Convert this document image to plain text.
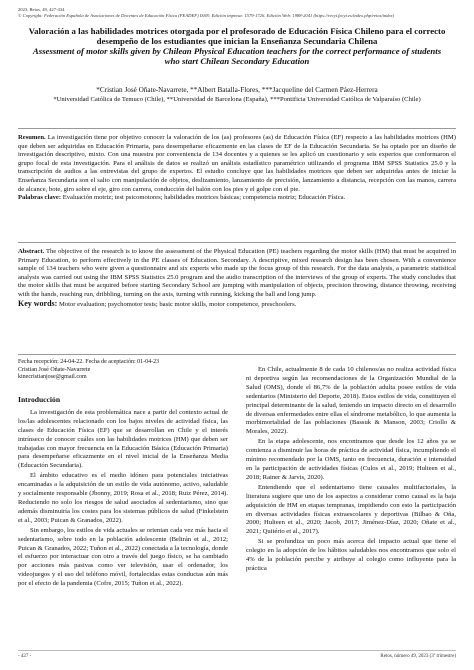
2023, Retos, 49, 427-434
© Copyright: Federación Española de Asociaciones de Docentes de Educación Física (FEADEF) ISSN: Edición impresa: 1579-1726. Edición Web: 1988-2041 (https://recyt.fecyt.es/index.php/retos/index)
Valoración a las habilidades motrices otorgada por el profesorado de Educación Física Chileno para el correcto desempeño de los estudiantes que inician la Enseñanza Secundaria Chilena
Assessment of motor skills given by Chilean Physical Education teachers for the correct performance of students who start Chilean Secondary Education
*Cristian José Oñate-Navarrete, **Albert Batalla-Flores, ***Jacqueline del Carmen Páez-Herrera
*Universidad Católica de Temuco (Chile), **Universidad de Barcelona (España), ***Pontificia Universidad Católica de Valparaíso (Chile)
Resumen. La investigación tiene por objetivo conocer la valoración de los (as) profesores (as) de Educación Física (EF) respecto a las habilidades motrices (HM) que deben ser adquiridas en Educación Primaria, para desempeñarse eficazmente en las clases de EF de la Educación Secundaria. Se ha optado por un diseño de investigación descriptivo, mixto. Con una muestra por conveniencia de 134 docentes y a quienes se les aplicó un cuestionario y seis expertos que conformaron el grupo focal de esta investigación. Para el análisis de datos se realizó un análisis estadístico paramétrico utilizando el programa IBM SPSS Statistics 25.0 y la transcripción de audios a las entrevistas del grupo de expertos. El estudio concluye que las habilidades motrices que deben ser adquiridas antes de iniciar la Enseñanza Secundaria son el salto con manipulación de objetos, deslizamiento, lanzamiento de precisión, lanzamiento a distancia, recepción con las manos, carrera de alcance, bote, giro sobre el eje, giro con carrera, conducción del balón con los pies y el golpe con el pie.
Palabras clave: Evaluación motriz; test psicomotores; habilidades motrices básicas; competencia motriz; Educación Física.
Abstract. The objective of the research is to know the assessment of the Physical Education (PE) teachers regarding the motor skills (HM) that must be acquired in Primary Education, to perform effectively in the PE classes of Education. Secondary. A descriptive, mixed research design has been chosen. With a convenience sample of 134 teachers who were given a questionnaire and six experts who made up the focus group of this research. For the data analysis, a parametric statistical analysis was carried out using the IBM SPSS Statistics 25.0 program and the audio transcription of the interviews of the group of experts. The study concludes that the motor skills that must be acquired before starting Secondary School are jumping with manipulation of objects, precision throwing, distance throwing, receiving with the hands, reaching run, dribbling, turning on the axis, turning with running, kicking the ball and long jump.
Key words: Motor evaluation; psychomotor tests; basic motor skills, motor competence, preschoolers.
Fecha recepción: 24-04-22. Fecha de aceptación: 01-04-23
Cristian José Oñate-Navarrete
kinecristianjose@gmail.com

Introducción

La investigación de esta problemática nace a partir del contexto actual de los/las adolescentes relacionado con los bajos niveles de actividad física, las clases de Educación Física (EF) que se desarrollan en Chile y el interés intrínseco de conocer cuáles son las habilidades motrices (HM) que deben ser trabajadas con mayor frecuencia en la Educación Básica (Educación Primaria) para desempeñarse eficazmente en el nivel inicial de la Enseñanza Media (Educación Secundaria).

El ámbito educativo es el medio idóneo para potenciales iniciativas encaminadas a la adquisición de un estilo de vida autónomo, activo, saludable y socialmente responsable (Jbonny, 2019; Rosa et al., 2018; Ruiz Pérez, 2014). Reduciendo no solo los riesgos de salud asociados al sedentarismo, sino que además disminuiría los costes para los sistemas públicos de salud (Finkelstein et al., 2003; Puican & Granados, 2022).

Sin embargo, los estilos de vida actuales se orientan cada vez más hacia el sedentarismo, sobre todo en la población adolescente (Beltrán et al., 2012; Puican & Granados, 2022; Tuñon et al., 2022) conectada a la tecnología, donde el esfuerzo por interactuar con otro a través del juego físico, se ha cambiado por acciones más pasivas como ver televisión, usar el ordenador, los videojuegos y el uso del teléfono móvil, fortalecidas estas conductas aún más por el efecto de la pandemia (Cofre, 2015; Tuñon et al., 2022).

En Chile, actualmente 8 de cada 10 chilenos/as no realiza actividad física ni deportiva según las recomendaciones de la Organización Mundial de la Salud (OMS), donde el 86,7% de la población adulta posee estilos de vida sedentarios (Ministerio del Deporte, 2018). Estos estilos de vida, constituyen el principal determinante de la salud, teniendo un impacto directo en el desarrollo de diversas enfermedades entre ellas el síndrome metabólico, lo que aumenta la morbimortalidad de las poblaciones (Bassuk & Manson, 2003; Criollo & Morales, 2022).

En la etapa adolescente, nos encontramos que desde los 12 años ya se comienza a disminuir las horas de práctica de actividad física, incumpliendo el mínimo recomendado por la OMS, tanto en frecuencia, duración e intensidad en la participación de actividades físicas (Culos et al., 2019; Hulteen et al., 2018; Rainer & Jarvis, 2020).

Entendiendo que el sedentarismo tiene causales multifactoriales, la literatura sugiere que uno de los aspectos a considerar como causal es la baja adquisición de HM en etapas tempranas, impidiendo con esto la participación en diversas actividades físicas extraescolares y deportivas (Bilbao & Oña, 2000; Hulteen et al., 2020; Jacob, 2017; Jiménez-Díaz, 2020; Oñate et al., 2021; Quitério et al., 2017).

Si se profundiza un poco más acerca del impacto actual que tiene el colegio en la adopción de los hábitos saludables nos encontramos que solo el 4% de la población percibe y atribuye al colegio como influyente para la práctica

- 427 -	Retos, número 49, 2023 (3º trimestre)
